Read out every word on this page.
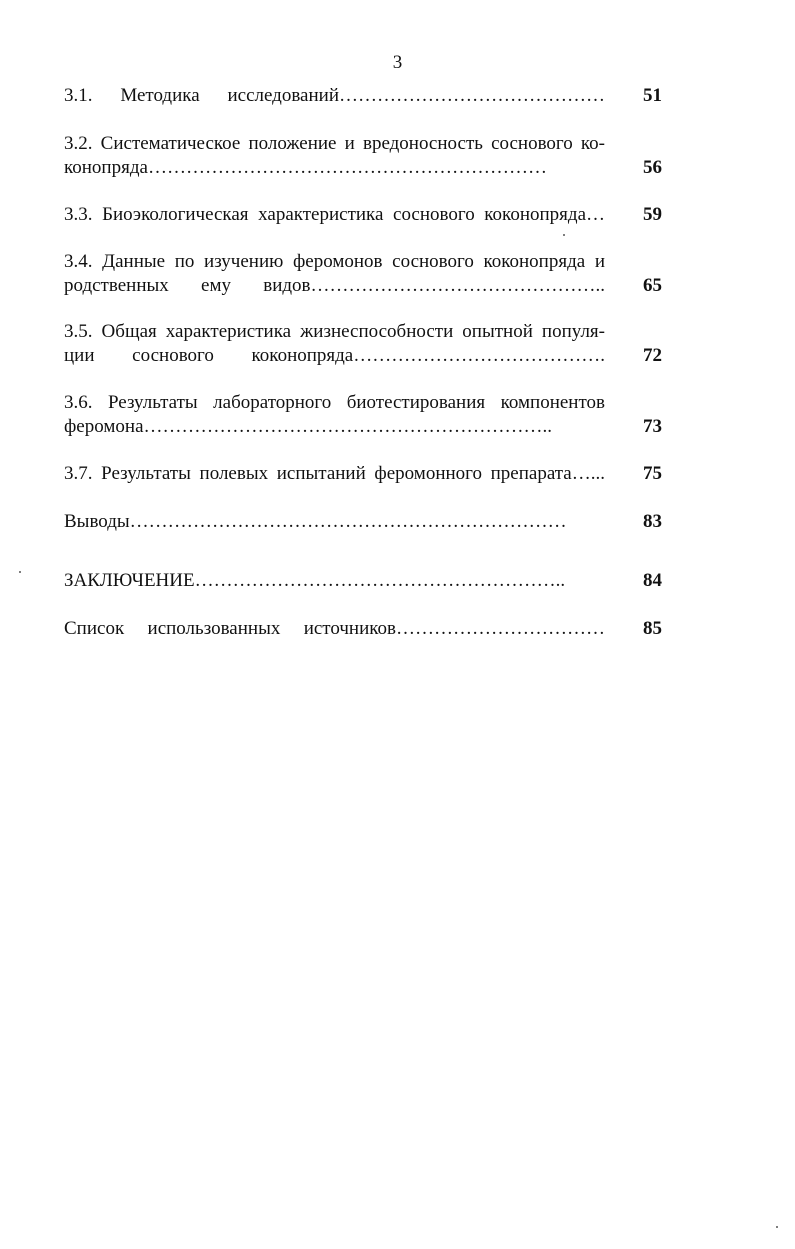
3
3.1. Методика исследований……………………………………	51
3.2. Систематическое положение и вредоносность соснового ко-
конопряда………………………………………………………	56
3.3. Биоэкологическая характеристика соснового коконопряда…	59
3.4. Данные по изучению феромонов соснового коконопряда и
родственных ему видов………………………………………..	65
3.5. Общая характеристика жизнеспособности опытной популя-
ции соснового коконопряда………………………………….	72
3.6. Результаты лабораторного биотестирования компонентов
феромона………………………………………………………..	73
3.7. Результаты полевых испытаний феромонного препарата…...	75
Выводы……………………………………………………………	83
ЗАКЛЮЧЕНИЕ…………………………………………………..	84
Список использованных источников……………………………	85
